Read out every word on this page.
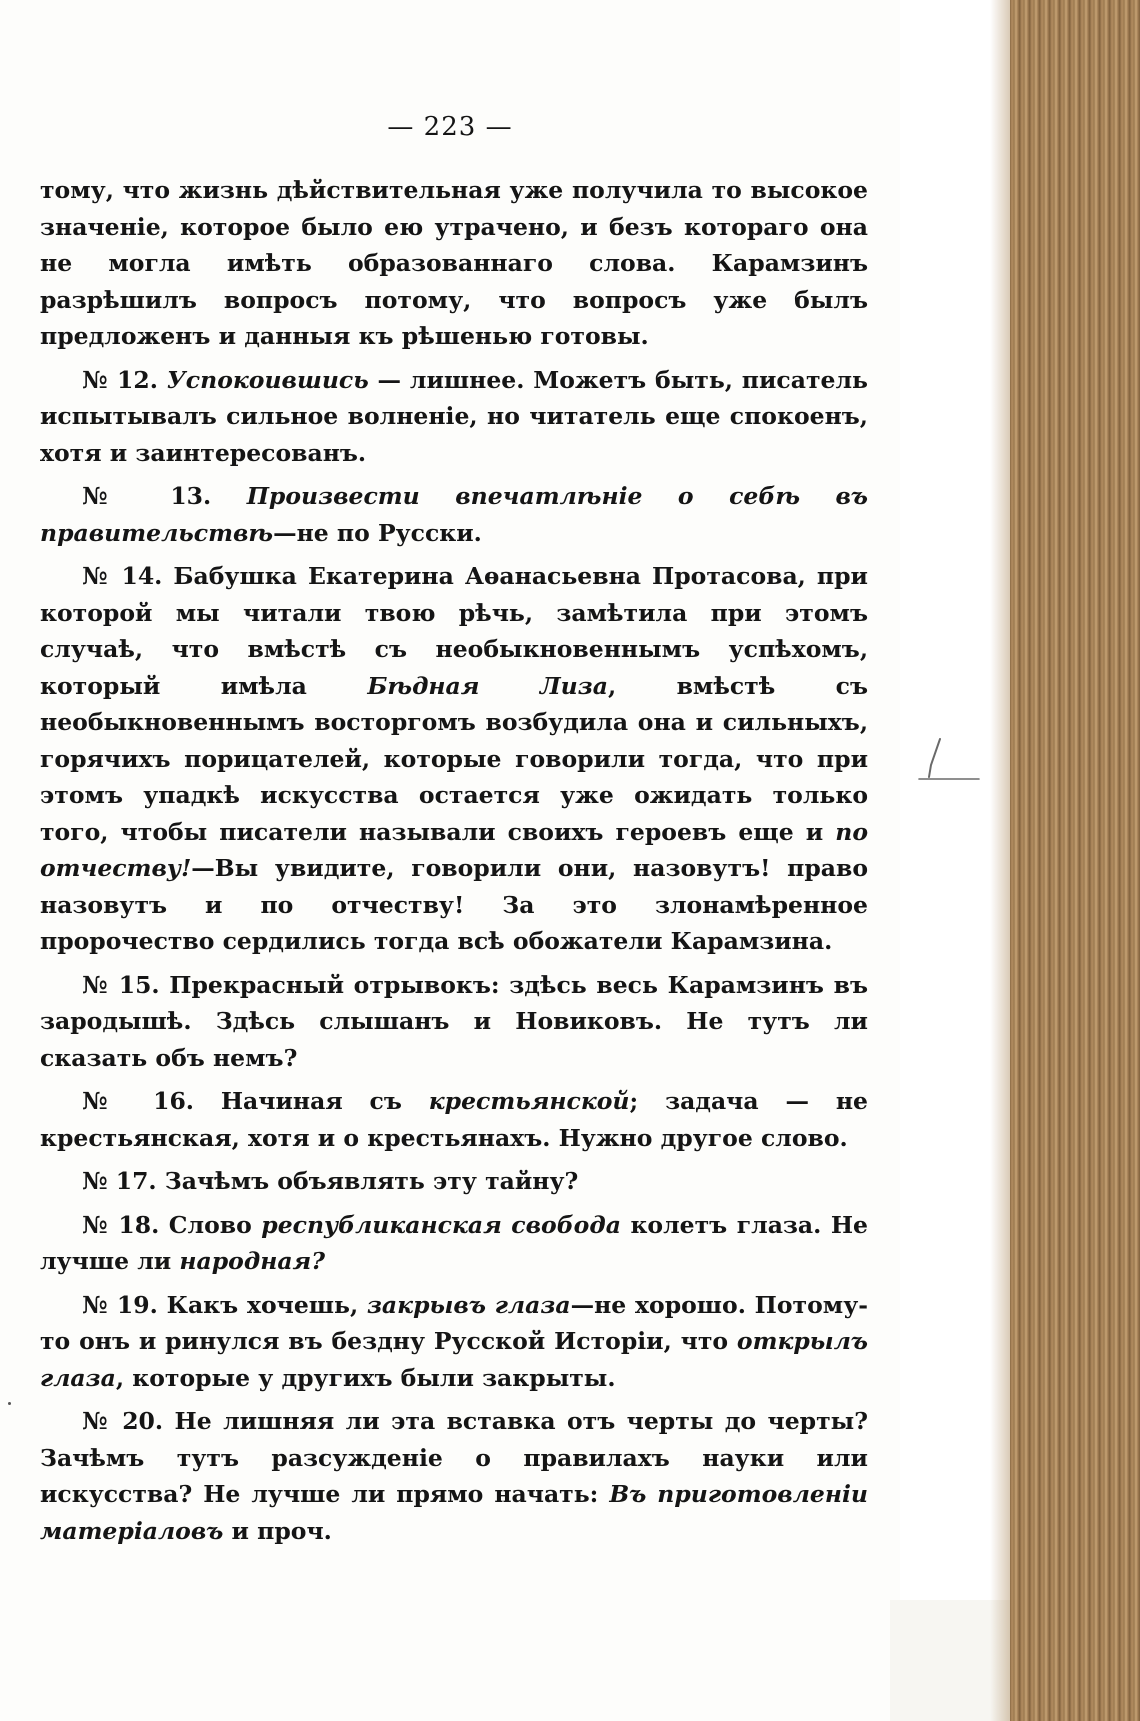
— 223 —

тому, что жизнь дѣйствительная уже получила то высокое значеніе, которое было ею утрачено, и безъ котораго она не могла имѣть образованнаго слова. Карамзинъ разрѣшилъ вопросъ потому, что вопросъ уже былъ предложенъ и данныя къ рѣшенью готовы.

№ 12. Успокоившись — лишнее. Можетъ быть, писатель испытывалъ сильное волненіе, но читатель еще спокоенъ, хотя и заинтересованъ.

№ 13. Произвести впечатлѣніе о себѣ въ правительствѣ—не по Русски.

№ 14. Бабушка Екатерина Аѳанасьевна Протасова, при которой мы читали твою рѣчь, замѣтила при этомъ случаѣ, что вмѣстѣ съ необыкновеннымъ успѣхомъ, который имѣла Бѣдная Лиза, вмѣстѣ съ необыкновеннымъ восторгомъ возбудила она и сильныхъ, горячихъ порицателей, которые говорили тогда, что при этомъ упадкѣ искусства остается уже ожидать только того, чтобы писатели называли своихъ героевъ еще и по отчеству!—Вы увидите, говорили они, назовутъ! право назовутъ и по отчеству! За это злонамѣренное пророчество сердились тогда всѣ обожатели Карамзина.

№ 15. Прекрасный отрывокъ: здѣсь весь Карамзинъ въ зародышѣ. Здѣсь слышанъ и Новиковъ. Не тутъ ли сказать объ немъ?

№ 16. Начиная съ крестьянской; задача — не крестьянская, хотя и о крестьянахъ. Нужно другое слово.

№ 17. Зачѣмъ объявлять эту тайну?

№ 18. Слово республиканская свобода колетъ глаза. Не лучше ли народная?

№ 19. Какъ хочешь, закрывъ глаза—не хорошо. Потому-то онъ и ринулся въ бездну Русской Исторіи, что открылъ глаза, которые у другихъ были закрыты.

№ 20. Не лишняя ли эта вставка отъ черты до черты? Зачѣмъ тутъ разсужденіе о правилахъ науки или искусства? Не лучше ли прямо начать: Въ приготовленіи матеріаловъ и проч.
